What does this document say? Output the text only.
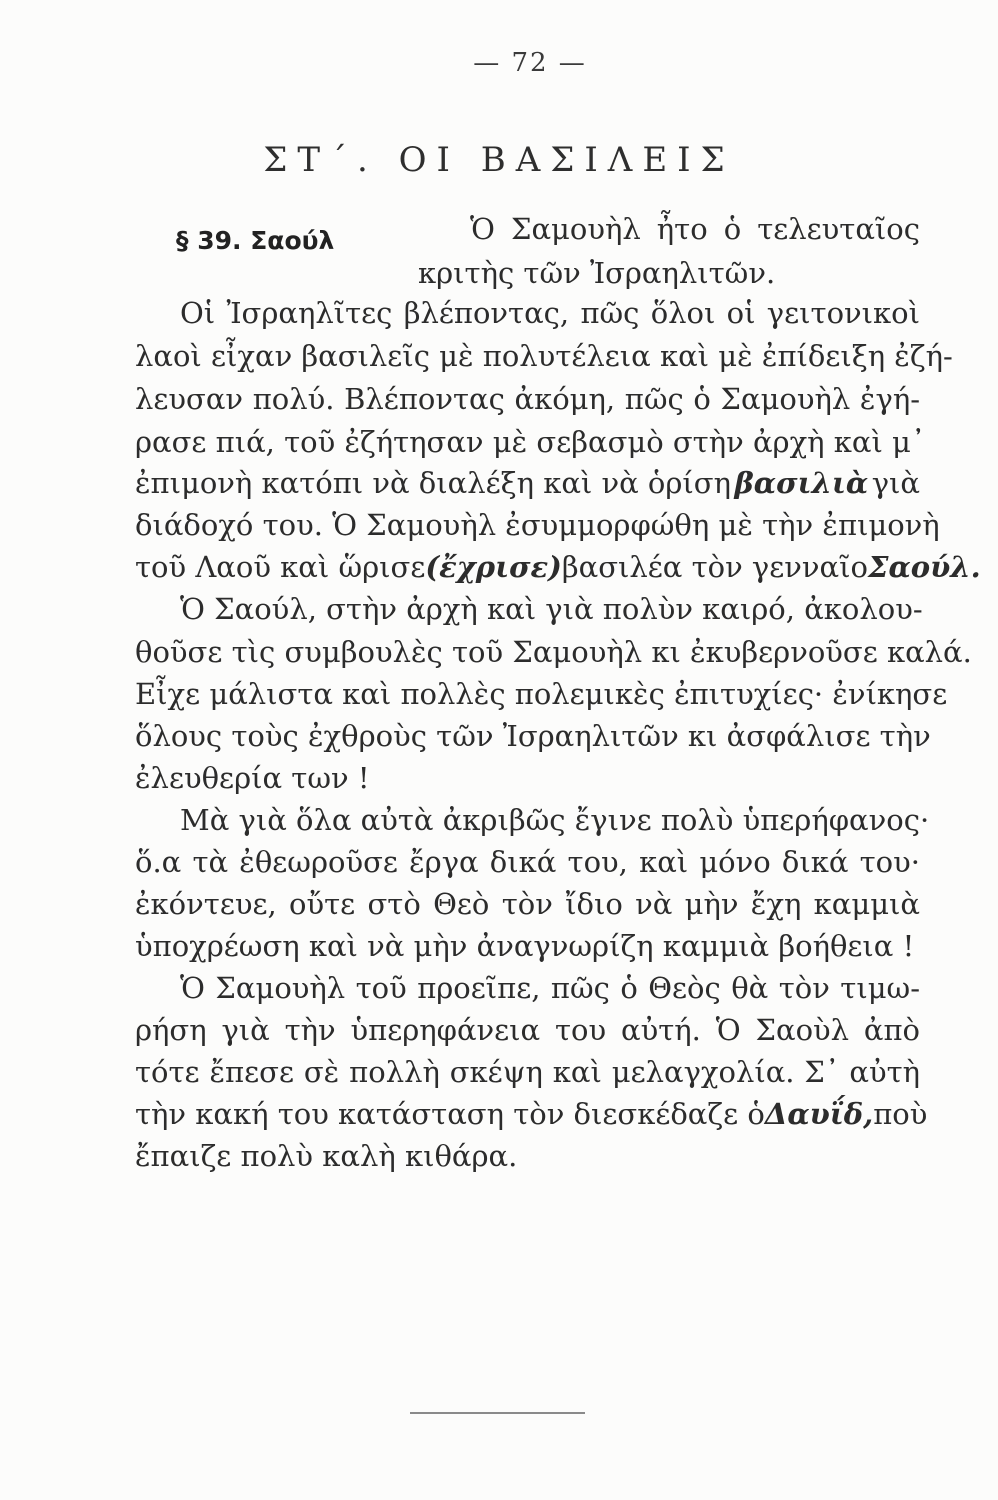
— 72 —
ΣΤ΄. ΟΙ ΒΑΣΙΛΕΙΣ
§ 39. Σαούλ	Ὁ Σαμουὴλ ἦτο ὁ τελευταῖος
κριτὴς τῶν Ἰσραηλιτῶν.
Οἱ Ἰσραηλῖτες βλέποντας, πῶς ὅλοι οἱ γειτονικοὶ
λαοὶ εἶχαν βασιλεῖς μὲ πολυτέλεια καὶ μὲ ἐπίδειξη ἐζή-
λευσαν πολύ. Βλέποντας ἀκόμη, πῶς ὁ Σαμουὴλ ἐγή-
ρασε πιά, τοῦ ἐζήτησαν μὲ σεβασμὸ στὴν ἀρχὴ καὶ μ᾿
ἐπιμονὴ κατόπι νὰ διαλέξη καὶ νὰ ὁρίση βασιλιὰ γιὰ
διάδοχό του. Ὁ Σαμουὴλ ἐσυμμορφώθη μὲ τὴν ἐπιμονὴ
τοῦ Λαοῦ καὶ ὥρισε (ἔχρισε) βασιλέα τὸν γενναῖο Σαούλ.
Ὁ Σαούλ, στὴν ἀρχὴ καὶ γιὰ πολὺν καιρό, ἀκολου-
θοῦσε τὶς συμβουλὲς τοῦ Σαμουὴλ κι ἐκυβερνοῦσε καλά.
Εἶχε μάλιστα καὶ πολλὲς πολεμικὲς ἐπιτυχίες· ἐνίκησε
ὅλους τοὺς ἐχθροὺς τῶν Ἰσραηλιτῶν κι ἀσφάλισε τὴν
ἐλευθερία των !
Μὰ γιὰ ὅλα αὐτὰ ἀκριβῶς ἔγινε πολὺ ὑπερήφανος·
ὅ.α τὰ ἐθεωροῦσε ἔργα δικά του, καὶ μόνο δικά του·
ἐκόντευε, οὔτε στὸ Θεὸ τὸν ἴδιο νὰ μὴν ἔχη καμμιὰ
ὑποχρέωση καὶ νὰ μὴν ἀναγνωρίζη καμμιὰ βοήθεια !
Ὁ Σαμουὴλ τοῦ προεῖπε, πῶς ὁ Θεὸς θὰ τὸν τιμω-
ρήση γιὰ τὴν ὑπερηφάνεια του αὐτή. Ὁ Σαοὺλ ἀπὸ
τότε ἔπεσε σὲ πολλὴ σκέψη καὶ μελαγχολία. Σ᾿ αὐτὴ
τὴν κακή του κατάσταση τὸν διεσκέδαζε ὁ Δαυΐδ, ποὺ
ἔπαιζε πολὺ καλὴ κιθάρα.
